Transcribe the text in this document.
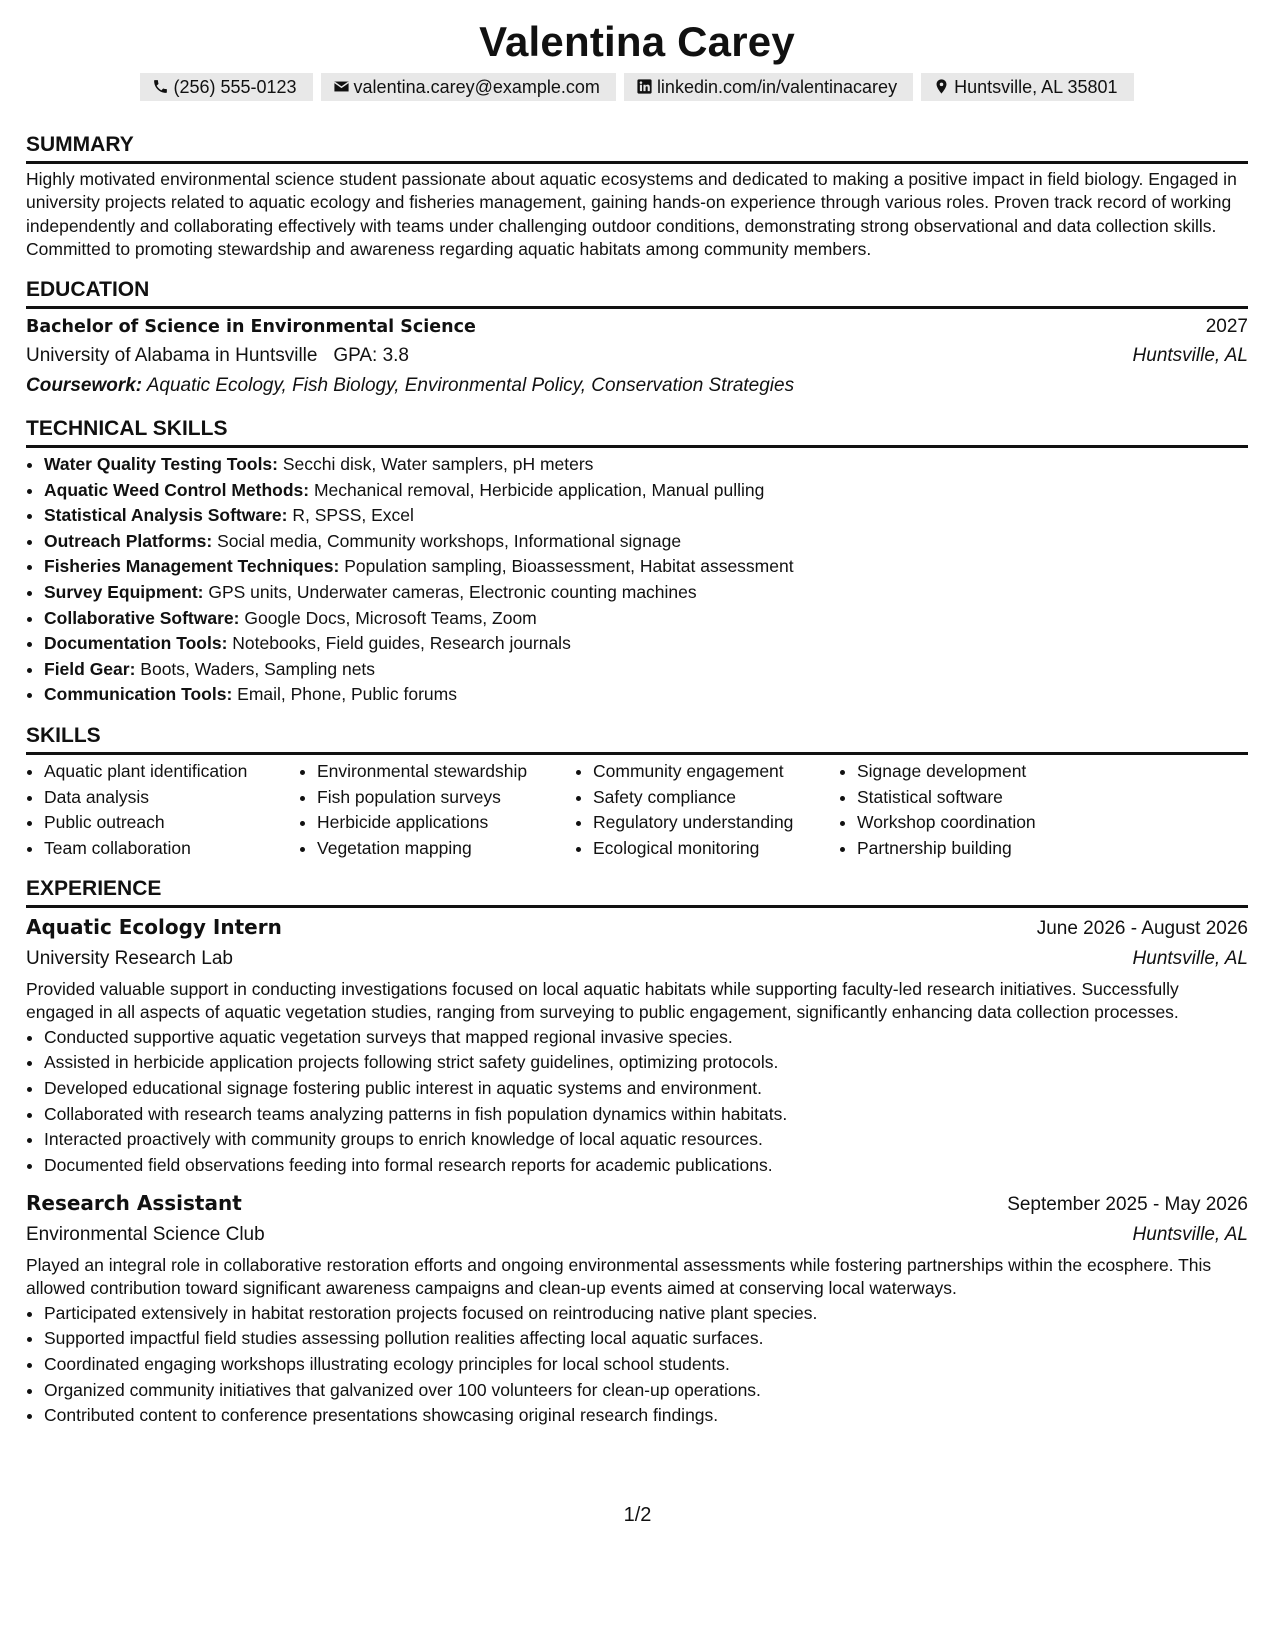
Valentina Carey
(256) 555-0123	valentina.carey@example.com	linkedin.com/in/valentinacarey	Huntsville, AL 35801
SUMMARY

Highly motivated environmental science student passionate about aquatic ecosystems and dedicated to making a positive impact in field biology. Engaged in university projects related to aquatic ecology and fisheries management, gaining hands-on experience through various roles. Proven track record of working independently and collaborating effectively with teams under challenging outdoor conditions, demonstrating strong observational and data collection skills. Committed to promoting stewardship and awareness regarding aquatic habitats among community members.

EDUCATION
Bachelor of Science in Environmental Science	2027
University of Alabama in Huntsville GPA: 3.8	Huntsville, AL
Coursework: Aquatic Ecology, Fish Biology, Environmental Policy, Conservation Strategies
TECHNICAL SKILLS
• Water Quality Testing Tools: Secchi disk, Water samplers, pH meters
• Aquatic Weed Control Methods: Mechanical removal, Herbicide application, Manual pulling
• Statistical Analysis Software: R, SPSS, Excel
• Outreach Platforms: Social media, Community workshops, Informational signage
• Fisheries Management Techniques: Population sampling, Bioassessment, Habitat assessment
• Survey Equipment: GPS units, Underwater cameras, Electronic counting machines
• Collaborative Software: Google Docs, Microsoft Teams, Zoom
• Documentation Tools: Notebooks, Field guides, Research journals
• Field Gear: Boots, Waders, Sampling nets
• Communication Tools: Email, Phone, Public forums
SKILLS
• Aquatic plant identification
• Data analysis
• Public outreach
• Team collaboration
• Environmental stewardship
• Fish population surveys
• Herbicide applications
• Vegetation mapping
• Community engagement
• Safety compliance
• Regulatory understanding
• Ecological monitoring
• Signage development
• Statistical software
• Workshop coordination
• Partnership building
EXPERIENCE
Aquatic Ecology Intern	June 2026 - August 2026
University Research Lab	Huntsville, AL

Provided valuable support in conducting investigations focused on local aquatic habitats while supporting faculty-led research initiatives. Successfully engaged in all aspects of aquatic vegetation studies, ranging from surveying to public engagement, significantly enhancing data collection processes.

• Conducted supportive aquatic vegetation surveys that mapped regional invasive species.
• Assisted in herbicide application projects following strict safety guidelines, optimizing protocols.
• Developed educational signage fostering public interest in aquatic systems and environment.
• Collaborated with research teams analyzing patterns in fish population dynamics within habitats.
• Interacted proactively with community groups to enrich knowledge of local aquatic resources.
• Documented field observations feeding into formal research reports for academic publications.
Research Assistant	September 2025 - May 2026
Environmental Science Club	Huntsville, AL

Played an integral role in collaborative restoration efforts and ongoing environmental assessments while fostering partnerships within the ecosphere. This allowed contribution toward significant awareness campaigns and clean-up events aimed at conserving local waterways.

• Participated extensively in habitat restoration projects focused on reintroducing native plant species.
• Supported impactful field studies assessing pollution realities affecting local aquatic surfaces.
• Coordinated engaging workshops illustrating ecology principles for local school students.
• Organized community initiatives that galvanized over 100 volunteers for clean-up operations.
• Contributed content to conference presentations showcasing original research findings.
1/2
